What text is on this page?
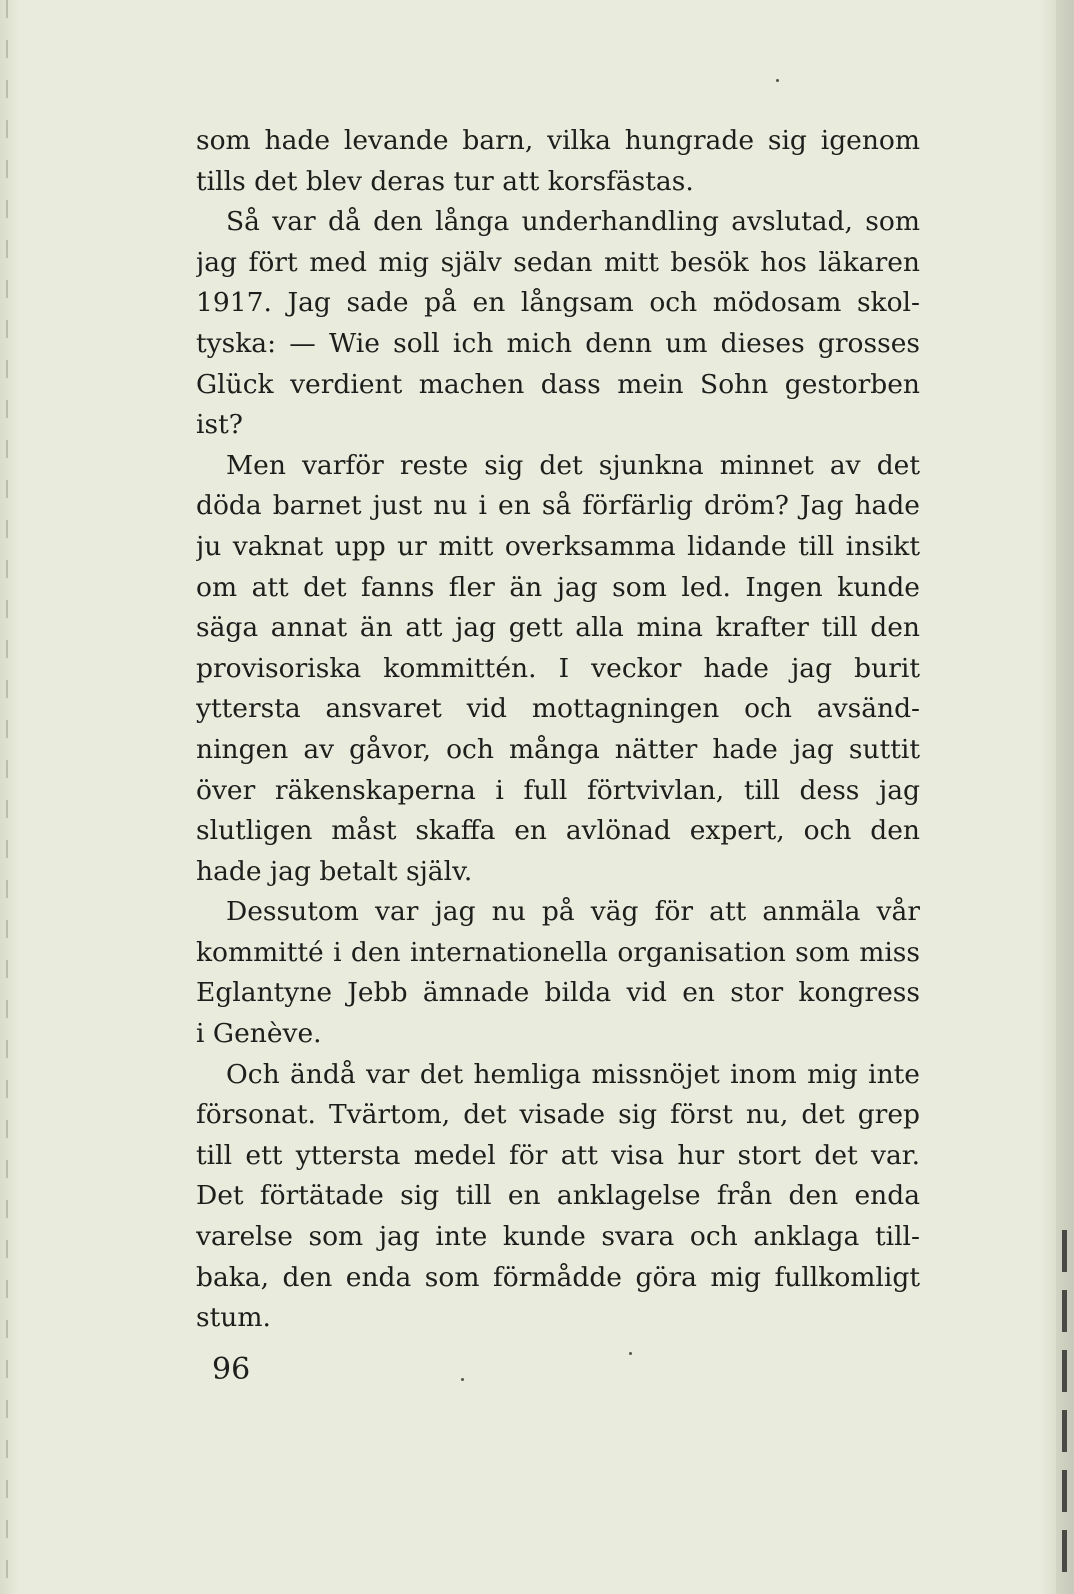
som hade levande barn, vilka hungrade sig igenom
tills det blev deras tur att korsfästas.
Så var då den långa underhandling avslutad, som
jag fört med mig själv sedan mitt besök hos läkaren
1917. Jag sade på en långsam och mödosam skol-
tyska: — Wie soll ich mich denn um dieses grosses
Glück verdient machen dass mein Sohn gestorben
ist?
Men varför reste sig det sjunkna minnet av det
döda barnet just nu i en så förfärlig dröm? Jag hade
ju vaknat upp ur mitt overksamma lidande till insikt
om att det fanns fler än jag som led. Ingen kunde
säga annat än att jag gett alla mina krafter till den
provisoriska kommittén. I veckor hade jag burit
yttersta ansvaret vid mottagningen och avsänd-
ningen av gåvor, och många nätter hade jag suttit
över räkenskaperna i full förtvivlan, till dess jag
slutligen måst skaffa en avlönad expert, och den
hade jag betalt själv.
Dessutom var jag nu på väg för att anmäla vår
kommitté i den internationella organisation som miss
Eglantyne Jebb ämnade bilda vid en stor kongress
i Genève.
Och ändå var det hemliga missnöjet inom mig inte
försonat. Tvärtom, det visade sig först nu, det grep
till ett yttersta medel för att visa hur stort det var.
Det förtätade sig till en anklagelse från den enda
varelse som jag inte kunde svara och anklaga till-
baka, den enda som förmådde göra mig fullkomligt
stum.
96
